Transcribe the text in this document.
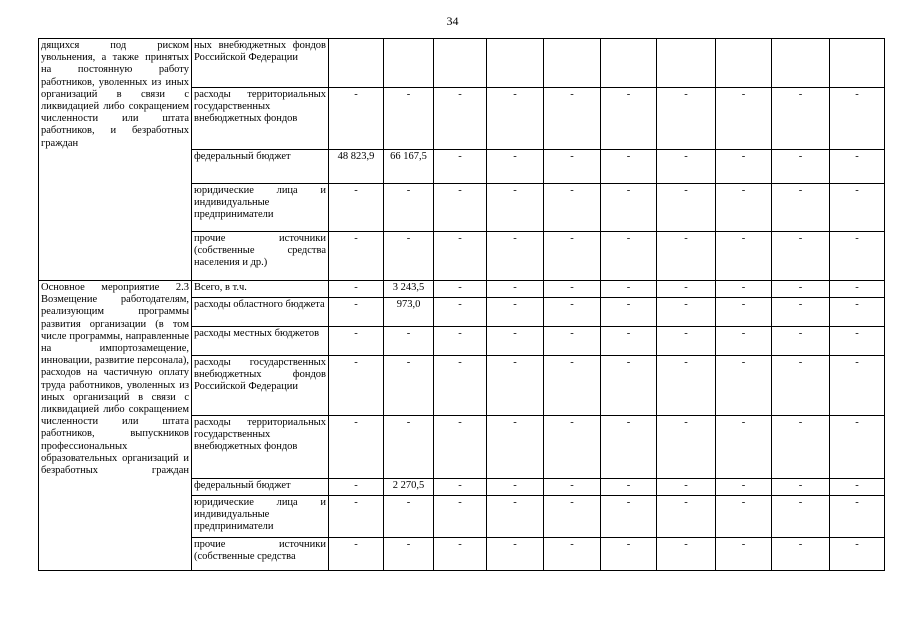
34
дящихся под риском увольнения, а также принятых на постоянную работу работников, уволенных из иных организаций в связи с ликвидацией либо сокращением численности или штата работников, и безработных граждан	ных внебюджетных фондов Российской Федерации										
	расходы территориальных государственных внебюджетных фондов	-	-	-	-	-	-	-	-	-	-
	федеральный бюджет	48 823,9	66 167,5	-	-	-	-	-	-	-	-
	юридические лица и индивидуальные предприниматели	-	-	-	-	-	-	-	-	-	-
	прочие источники (собственные средства населения и др.)	-	-	-	-	-	-	-	-	-	-
Основное мероприятие 2.3 Возмещение работодателям, реализующим программы развития организации (в том числе программы, направленные на импортозамещение, инновации, развитие персонала), расходов на частичную оплату труда работников, уволенных из иных организаций в связи с ликвидацией либо сокращением численности или штата работников, выпускников профессиональных образовательных организаций и безработных граждан	Всего, в т.ч.	-	3 243,5	-	-	-	-	-	-	-	-
	расходы областного бюджета	-	973,0	-	-	-	-	-	-	-	-
	расходы местных бюджетов	-	-	-	-	-	-	-	-	-	-
	расходы государственных внебюджетных фондов Российской Федерации	-	-	-	-	-	-	-	-	-	-
	расходы территориальных государственных внебюджетных фондов	-	-	-	-	-	-	-	-	-	-
	федеральный бюджет	-	2 270,5	-	-	-	-	-	-	-	-
	юридические лица и индивидуальные предприниматели	-	-	-	-	-	-	-	-	-	-
	прочие источники (собственные средства	-	-	-	-	-	-	-	-	-	-
